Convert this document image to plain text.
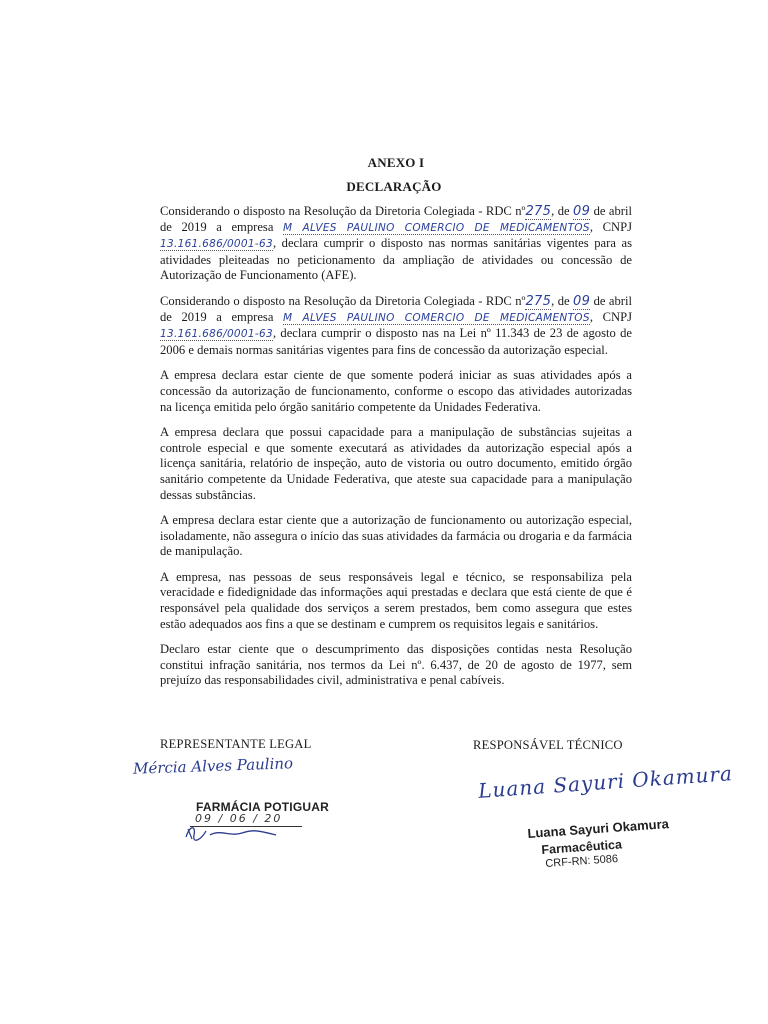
ANEXO I
DECLARAÇÃO

Considerando o disposto na Resolução da Diretoria Colegiada - RDC nº275, de 09 de abril de 2019 a empresa M ALVES PAULINO COMERCIO DE MEDICAMENTOS, CNPJ 13.161.686/0001-63, declara cumprir o disposto nas normas sanitárias vigentes para as atividades pleiteadas no peticionamento da ampliação de atividades ou concessão de Autorização de Funcionamento (AFE).

Considerando o disposto na Resolução da Diretoria Colegiada - RDC nº275, de 09 de abril de 2019 a empresa M ALVES PAULINO COMERCIO DE MEDICAMENTOS, CNPJ 13.161.686/0001-63, declara cumprir o disposto nas na Lei nº 11.343 de 23 de agosto de 2006 e demais normas sanitárias vigentes para fins de concessão da autorização especial.

A empresa declara estar ciente de que somente poderá iniciar as suas atividades após a concessão da autorização de funcionamento, conforme o escopo das atividades autorizadas na licença emitida pelo órgão sanitário competente da Unidades Federativa.

A empresa declara que possui capacidade para a manipulação de substâncias sujeitas a controle especial e que somente executará as atividades da autorização especial após a licença sanitária, relatório de inspeção, auto de vistoria ou outro documento, emitido órgão sanitário competente da Unidade Federativa, que ateste sua capacidade para a manipulação dessas substâncias.

A empresa declara estar ciente que a autorização de funcionamento ou autorização especial, isoladamente, não assegura o início das suas atividades da farmácia ou drogaria e da farmácia de manipulação.

A empresa, nas pessoas de seus responsáveis legal e técnico, se responsabiliza pela veracidade e fidedignidade das informações aqui prestadas e declara que está ciente de que é responsável pela qualidade dos serviços a serem prestados, bem como assegura que estes estão adequados aos fins a que se destinam e cumprem os requisitos legais e sanitários.

Declaro estar ciente que o descumprimento das disposições contidas nesta Resolução constitui infração sanitária, nos termos da Lei nº. 6.437, de 20 de agosto de 1977, sem prejuízo das responsabilidades civil, administrativa e penal cabíveis.

REPRESENTANTE LEGAL	RESPONSÁVEL TÉCNICO
Mércia Alves Paulino	Luana Sayuri Okamura
FARMÁCIA POTIGUAR
09 / 06 / 20	Luana Sayuri Okamura
Farmacêutica
CRF-RN: 5086
